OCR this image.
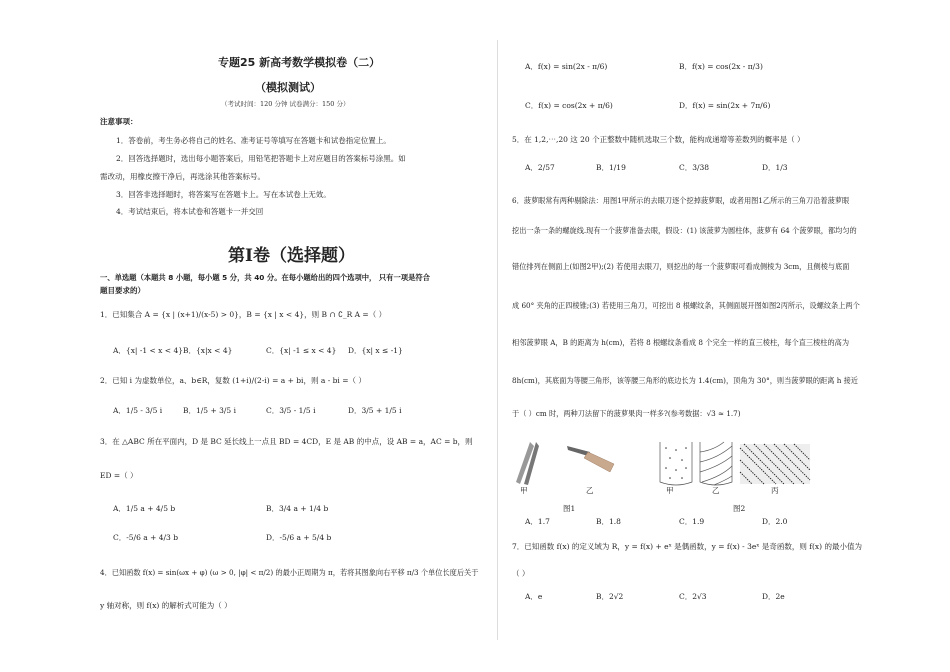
专题25 新高考数学模拟卷（二）
（模拟测试）
（考试时间：120 分钟 试卷满分：150 分）
注意事项：
1．答卷前，考生务必将自己的姓名、准考证号等填写在答题卡和试卷指定位置上。
2．回答选择题时，选出每小题答案后，用铅笔把答题卡上对应题目的答案标号涂黑。如
需改动，用橡皮擦干净后，再选涂其他答案标号。
3．回答非选择题时，将答案写在答题卡上。写在本试卷上无效。
4．考试结束后，将本试卷和答题卡一并交回
第Ⅰ卷（选择题）
一、单选题（本题共 8 小题，每小题 5 分，共 40 分。在每小题给出的四个选项中， 只有一项是符合
题目要求的）
1．已知集合 A = {x | (x+1)/(x-5) > 0}，B = {x | x < 4}，则 B ∩ ∁_R A =（ ）
A．{x| -1 < x < 4} B．{x|x < 4}	C．{x| -1 ≤ x < 4} D．{x| x ≤ -1}
2．已知 i 为虚数单位，a、b∈R，复数 (1+i)/(2-i) = a + bi，则 a - bi =（ ）
A．1/5 - 3/5 i	B．1/5 + 3/5 i	C．3/5 - 1/5 i	D．3/5 + 1/5 i
3．在 △ABC 所在平面内，D 是 BC 延长线上一点且 BD = 4CD，E 是 AB 的中点，设 AB = a，AC = b，则
ED =（ ）
A．1/5 a + 4/5 b	B．3/4 a + 1/4 b
C．-5/6 a + 4/3 b	D．-5/6 a + 5/4 b
4．已知函数 f(x) = sin(ωx + φ) (ω > 0, |φ| < π/2) 的最小正周期为 π，若将其图象向右平移 π/3 个单位长度后关于
y 轴对称，则 f(x) 的解析式可能为（ ）
A．f(x) = sin(2x - π/6)	B．f(x) = cos(2x - π/3)
C．f(x) = cos(2x + π/6)	D．f(x) = sin(2x + 7π/6)
5．在 1,2,⋯,20 这 20 个正整数中随机选取三个数，能构成递增等差数列的概率是（ ）
A．2/57	B．1/19	C．3/38	D．1/3
6．菠萝眼常有两种剔除法：用图1甲所示的去眼刀逐个挖掉菠萝眼，或者用图1乙所示的三角刀沿着菠萝眼
挖出一条一条的螺旋线.现有一个菠萝准备去眼，假设：(1) 该菠萝为圆柱体，菠萝有 64 个菠萝眼，都均匀的
错位排列在侧面上(如图2甲);(2) 若使用去眼刀，则挖出的每一个菠萝眼可看成侧棱为 3cm，且侧棱与底面
成 60° 夹角的正四棱锥;(3) 若使用三角刀，可挖出 8 根螺纹条，其侧面展开图如图2丙所示，设螺纹条上两个
相邻菠萝眼 A，B 的距离为 h(cm)，若将 8 根螺纹条看成 8 个完全一样的直三棱柱，每个直三棱柱的高为
8h(cm)，其底面为等腰三角形，该等腰三角形的底边长为 1.4(cm)，顶角为 30°，则当菠萝眼的距离 h 接近
于（ ）cm 时，两种刀法留下的菠萝果肉一样多?(参考数据：√3 ≈ 1.7)
甲	乙
图1
甲	乙	丙
图2
A．1.7	B．1.8	C．1.9	D．2.0
7．已知函数 f(x) 的定义域为 R，y = f(x) + eˣ 是偶函数，y = f(x) - 3eˣ 是奇函数，则 f(x) 的最小值为
（ ）
A．e	B．2√2	C．2√3	D．2e
